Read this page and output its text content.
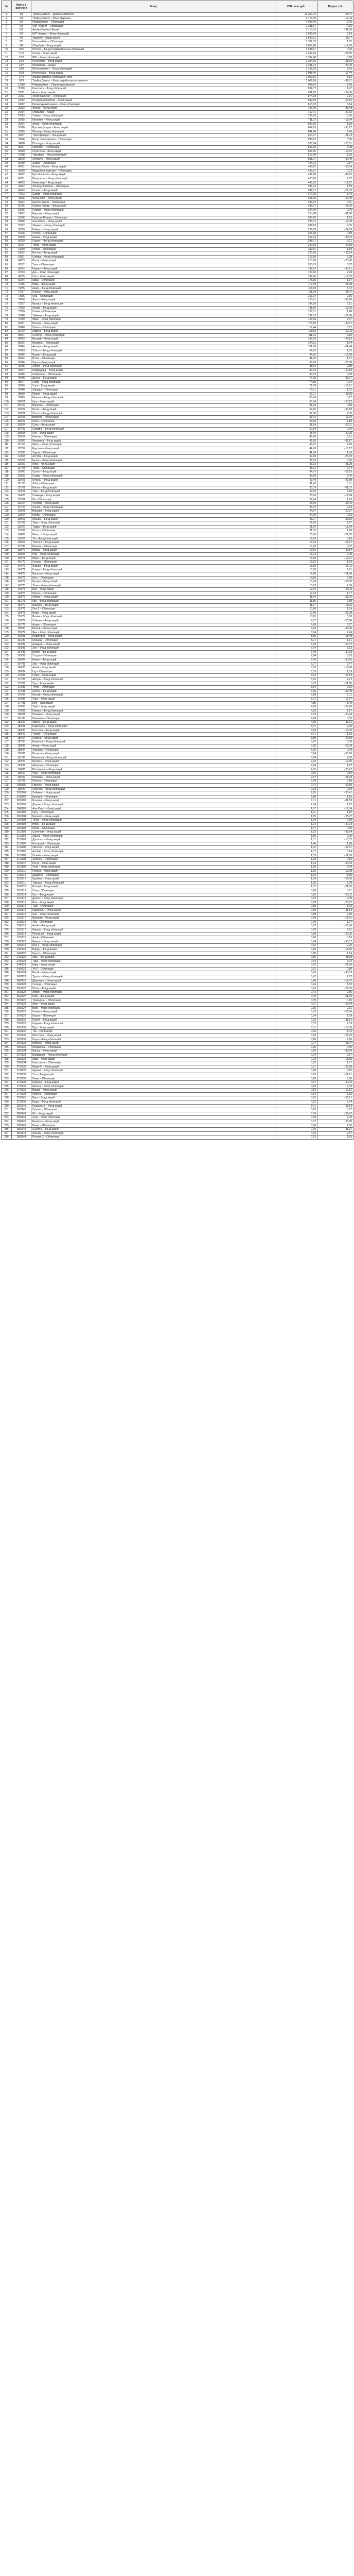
№	Место в рейтинге	Фонд	СЧА, млн руб.	Прирост, %
1	1/1	Тройка Диалог – Добрыня Никитич	12 254,73	−23,47
2	2/1	Тройка Диалог – Илья Муромец	9 715,39	−12,04
3	3/2	Райффайзен – Облигации	4 923,45	3,76
4	4/3	ОФГ Инвест – Облигации	2 381,57	−4,12
5	5/2	Альфа-Капитал Акции	2 118,02	−31,56
6	6/4	КИТ Фортис – Фонд облигаций	1 962,84	2,19
7	7/3	Уралсиб – Акции роста	1 840,61	−28,77
8	8/5	Газпромбанк – Облигации	1 702,33	1,05
9	9/4	Сбербанк – Фонд акций	1 655,90	−19,63
10	10/6	Регион – Фонд государственных облигаций	1 538,17	4,40
11	11/5	Солид – Фонд акций	1 407,26	−22,85
12	12/7	ВТБ – Фонд облигаций	1 352,48	0,88
13	13/6	Ренессанс – Фонд акций	1 284,05	−35,12
14	14/7	Промсвязь – Акции	1 201,73	−26,09
15	15/8	Металлинвест – Фонд облигаций	1 146,92	2,63
16	16/8	Ингосстрах – Фонд акций	1 098,40	−17,44
17	17/9	Альфа-Капитал Облигации Плюс	1 057,81	3,12
18	18/9	Тройка Диалог – Фонд акций второго эшелона	1 009,66	−39,71
19	19/10	Райффайзен – Сбалансированный	968,14	−9,58
20	20/10	Капиталъ – Фонд облигаций	932,77	1,47
21	21/11	Атон – Фонд акций	901,25	−24,30
22	22/11	Энергокапитал – Облигации	874,08	2,91
23	23/12	Интерфин Капитал – Фонд акций	842,59	−20,16
24	24/12	Брокеркредитсервис – Фонд облигаций	815,33	0,64
25	25/13	Финам – Фонд акций	787,90	−33,48
26	26/14	Открытие – Акции	762,41	−27,62
27	27/13	Универ – Фонд облигаций	738,05	3,35
28	28/15	Мономах – Фонд акций	711,72	−18,94
29	29/14	Агана – Фонд облигаций	689,36	1,82
30	30/16	Русские фонды – Фонд акций	664,19	−30,27
31	31/15	Пионер – Фонд облигаций	641,88	2,40
32	32/17	Трансфингруп – Фонд акций	620,47	−21,73
33	33/16	Велес Менеджмент – Облигации	598,12	0,95
34	34/18	Паллада – Фонд акций	577,64	−25,81
35	35/17	Проспект – Облигации	556,30	3,08
36	36/19	Стратегия – Фонд акций	537,95	−16,52
37	37/18	Тринфико – Фонд облигаций	519,48	1,26
38	38/20	Оптимум – Фонд акций	501,07	−29,40
39	39/19	Лидер – Облигации	484,73	2,57
40	40/21	Альянс Росно – Фонд акций	468,22	−23,04
41	41/20	Норд-Вест Капитал – Облигации	452,91	0,73
42	42/22	Русь-Капитал – Фонд акций	437,60	−32,15
43	43/21	Приоритет – Фонд облигаций	423,18	2,02
44	44/23	Навигатор – Фонд акций	409,55	−19,87
45	45/22	Эльбрус Капитал – Облигации	396,04	1,59
46	46/24	Гелиос – Фонд акций	382,71	−26,33
47	47/23	Солид – Фонд облигаций	370,29	3,44
48	48/25	Финансист – Фонд акций	358,06	−22,40
49	49/24	Центр-Инвест – Облигации	346,52	0,81
50	50/26	Северо-Запад – Фонд акций	335,17	−28,06
51	51/25	Первая – Фонд облигаций	324,40	2,76
52	52/27	Евразия – Фонд акций	313,88	−31,90
53	53/26	Капитал-Резерв – Облигации	303,65	1,13
54	54/28	Аналитика – Фонд акций	293,72	−17,28
55	55/27	Эверест – Фонд облигаций	284,19	2,35
56	56/29	Байкал – Фонд акций	274,83	−24,69
57	57/28	Статус – Облигации	265,90	0,58
58	58/30	Ермак – Фонд акций	257,24	−34,02
59	59/29	Гарант – Фонд облигаций	248,77	3,21
60	60/31	Титан – Фонд акций	240,63	−20,55
61	61/30	Опора – Облигации	232,81	1,69
62	62/32	Восток – Фонд акций	225,18	−27,14
63	63/31	Сибирь – Фонд облигаций	217,84	2,08
64	64/33	Волга – Фонд акций	210,70	−23,76
65	65/32	Урал – Облигации	203,79	0,92
66	66/34	Кавказ – Фонд акций	197,12	−30,61
67	67/33	Дон – Фонд облигаций	190,66	2,49
68	68/35	Ока – Фонд акций	184,40	−18,33
69	69/34	Кама – Облигации	178,35	1,37
70	70/36	Нева – Фонд акций	172,49	−25,98
71	71/35	Амур – Фонд облигаций	166,83	3,02
72	72/37	Енисей – Фонд акций	161,34	−21,47
73	73/36	Обь – Облигации	156,04	0,66
74	74/38	Лена – Фонд акций	150,91	−33,20
75	75/37	Иртыш – Фонд облигаций	145,95	2,21
76	76/39	Алтай – Фонд акций	141,15	−19,05
77	77/38	Саяны – Облигации	136,51	1,48
78	78/40	Таймыр – Фонд акций	132,03	−27,86
79	79/39	Ямал – Фонд облигаций	127,69	2,67
80	80/41	Печора – Фонд акций	123,50	−22,91
81	81/40	Онега – Облигации	119,44	0,77
82	82/42	Ладога – Фонд акций	115,52	−29,73
83	83/41	Селигер – Фонд облигаций	111,73	3,15
84	84/43	Валдай – Фонд акций	108,06	−24,12
85	85/42	Ильмень – Облигации	104,51	1,04
86	86/44	Ангара – Фонд акций	101,08	−31,44
87	87/43	Тобол – Фонд облигаций	97,76	2,53
88	88/45	Ишим – Фонд акций	94,55	−17,69
89	89/44	Вятка – Облигации	91,45	1,31
90	90/46	Сура – Фонд акций	88,45	−26,58
91	91/45	Хопёр – Фонд облигаций	85,54	2,89
92	92/47	Медведица – Фонд акций	82,73	−20,83
93	93/46	Северская – Облигации	80,02	0,49
94	94/48	Десна – Фонд акций	77,39	−35,07
95	95/47	Сейм – Фонд облигаций	74,85	2,14
96	96/49	Угра – Фонд акций	72,39	−18,61
97	97/48	Жиздра – Облигации	70,01	1,72
98	98/50	Проня – Фонд акций	67,71	−28,39
99	99/49	Мокша – Фонд облигаций	65,49	3,27
100	100/51	Цна – Фонд акций	63,34	−23,22
101	101/50	Воронеж – Облигации	61,26	0,85
102	102/52	Битюг – Фонд акций	59,25	−30,18
103	103/51	Оскол – Фонд облигаций	57,30	2,30
104	104/53	Ворскла – Фонд акций	55,42	−19,94
105	105/52	Псёл – Облигации	53,60	1,58
106	106/54	Сула – Фонд акций	51,84	−27,31
107	107/53	Самара – Фонд облигаций	50,14	2,76
108	108/55	Сок – Фонд акций	48,49	−22,05
109	109/54	Кинель – Облигации	46,90	0,61
110	110/56	Чапаевка – Фонд акций	45,36	−32,87
111	111/55	Иргиз – Фонд облигаций	43,87	2,18
112	112/57	Еруслан – Фонд акций	42,43	−18,12
113	113/56	Торгун – Облигации	41,04	1,43
114	114/58	Ахтуба – Фонд акций	39,69	−26,70
115	115/57	Бузан – Фонд облигаций	38,39	3,06
116	116/59	Кума – Фонд акций	37,13	−21,29
117	117/58	Терек – Облигации	35,91	0,74
118	118/60	Сулак – Фонд акций	34,73	−29,15
119	119/59	Самур – Фонд облигаций	33,59	2,42
120	120/61	Кубань – Фонд акций	32,49	−23,58
121	121/60	Лаба – Облигации	31,42	1,11
122	122/62	Белая – Фонд акций	30,39	−31,02
123	123/61	Уфа – Фонд облигаций	29,39	2,60
124	124/63	Сакмара – Фонд акций	28,43	−17,84
125	125/62	Ик – Облигации	27,49	1,29
126	126/64	Чусовая – Фонд акций	26,59	−25,46
127	127/63	Сылва – Фонд облигаций	25,72	2,94
128	128/65	Вишера – Фонд акций	24,87	−20,37
129	129/64	Колва – Облигации	24,06	0,53
130	130/66	Косьва – Фонд акций	23,27	−33,66
131	131/65	Тура – Фонд облигаций	22,50	2,27
132	132/67	Тавда – Фонд акций	21,76	−18,79
133	133/66	Исеть – Облигации	21,05	1,66
134	134/68	Миасс – Фонд акций	20,36	−27,93
135	135/67	Уй – Фонд облигаций	19,69	3,18
136	136/69	Тобол-2 – Фонд акций	19,04	−22,67
137	137/68	Пышма – Облигации	18,42	0,97
138	138/70	Нейва – Фонд акций	17,81	−30,54
139	139/69	Реж – Фонд облигаций	17,23	2,45
140	140/71	Ница – Фонд акций	16,66	−19,21
141	141/70	Сосьва – Облигации	16,12	1,53
142	142/72	Лозьва – Фонд акций	15,59	−26,11
143	143/71	Конда – Фонд облигаций	15,08	2,81
144	144/73	Васюган – Фонд акций	14,58	−21,84
145	145/72	Кеть – Облигации	14,10	0,69
146	146/74	Чулым – Фонд акций	13,64	−29,58
147	147/73	Томь – Фонд облигаций	13,19	2,36
148	148/75	Бия – Фонд акций	12,76	−23,93
149	149/74	Катунь – Облигации	12,34	1,07
150	150/76	Абакан – Фонд акций	11,94	−31,76
151	151/75	Кан – Фонд облигаций	11,55	2,58
152	152/77	Бирюса – Фонд акций	11,17	−18,26
153	153/76	Ока-2 – Облигации	10,80	1,34
154	154/78	Илим – Фонд акций	10,45	−25,39
155	155/77	Витим – Фонд облигаций	10,10	3,00
156	156/79	Олёкма – Фонд акций	9,77	−20,98
157	157/78	Алдан – Облигации	9,45	0,57
158	158/80	Вилюй – Фонд акций	9,14	−34,40
159	159/79	Яна – Фонд облигаций	8,84	2,24
160	160/81	Индигирка – Фонд акций	8,55	−18,48
161	161/80	Колыма – Облигации	8,27	1,61
162	162/82	Анадырь – Фонд акций	8,00	−27,72
163	163/81	Зея – Фонд облигаций	7,74	3,12
164	164/83	Бурея – Фонд акций	7,48	−22,33
165	165/82	Уссури – Облигации	7,24	0,83
166	166/84	Бикин – Фонд акций	7,00	−30,25
167	167/83	Хор – Фонд облигаций	6,77	2,47
168	168/85	Анюй – Фонд акций	6,55	−19,66
169	169/84	Гур – Облигации	6,33	1,39
170	170/86	Горин – Фонд акций	6,12	−26,84
171	171/85	Амгунь – Фонд облигаций	5,92	2,72
172	172/87	Уда – Фонд акций	5,73	−21,60
173	173/86	Тугур – Облигации	5,54	0,62
174	174/88	Охота – Фонд акций	5,36	−32,49
175	175/87	Кухтуй – Фонд облигаций	5,18	2,11
176	176/89	Улья – Фонд акций	5,01	−17,97
177	177/88	Иня – Облигации	4,85	1,46
178	178/90	Тауй – Фонд акций	4,69	−25,83
179	179/89	Гижига – Фонд облигаций	4,53	2,97
180	180/91	Пенжина – Фонд акций	4,39	−20,44
181	181/90	Камчатка – Облигации	4,24	0,55
182	182/92	Авача – Фонд акций	4,10	−33,31
183	183/91	Паратунка – Фонд облигаций	3,97	2,29
184	184/93	Быстрая – Фонд акций	3,84	−18,70
185	185/92	Тигиль – Облигации	3,71	1,63
186	186/94	Палана – Фонд акций	3,59	−27,50
187	187/93	Вывенка – Фонд облигаций	3,47	3,09
188	188/95	Апука – Фонд акций	3,36	−22,78
189	189/94	Хатырка – Облигации	3,25	0,79
190	190/96	Великая – Фонд акций	3,14	−30,66
191	191/95	Канчалан – Фонд облигаций	3,04	2,50
192	192/97	Белая-2 – Фонд акций	2,94	−19,35
193	193/96	Амгуэма – Облигации	2,84	1,22
194	194/98	Пегтымель – Фонд акций	2,75	−26,97
195	195/97	Чаун – Фонд облигаций	2,66	2,84
196	196/99	Палявам – Фонд акций	2,57	−21,18
197	197/98	Раучуа – Облигации	2,49	0,68
198	198/100	Омолон – Фонд акций	2,41	−29,89
199	199/99	Ясачная – Фонд облигаций	2,33	2,33
200	200/101	Сеймчан – Фонд акций	2,25	−23,41
201	201/100	Буюнда – Облигации	2,18	1,16
202	202/102	Бахапча – Фонд акций	2,11	−31,59
203	203/101	Детрин – Фонд облигаций	2,04	2,62
204	204/103	Аян-Юрях – Фонд акций	1,97	−18,04
205	205/102	Кулу – Облигации	1,91	1,50
206	206/104	Берелёх – Фонд акций	1,85	−25,27
207	207/103	Тенке – Фонд облигаций	1,79	2,99
208	208/105	Нера – Фонд акций	1,73	−20,73
209	209/104	Момa – Облигации	1,67	0,59
210	210/106	Селеннях – Фонд акций	1,62	−33,84
211	211/105	Адыча – Фонд облигаций	1,56	2,26
212	212/107	Дулгалах – Фонд акций	1,51	−18,57
213	213/106	Бытантай – Облигации	1,46	1,68
214	214/108	Омолой – Фонд акций	1,42	−27,61
215	215/107	Анабар – Фонд облигаций	1,37	3,14
216	216/109	Оленёк – Фонд акций	1,33	−22,50
217	217/108	Хатанга – Облигации	1,28	0,82
218	218/110	Котуй – Фонд акций	1,24	−30,43
219	219/109	Хета – Фонд облигаций	1,20	2,44
220	220/111	Пясина – Фонд акций	1,16	−19,08
221	221/110	Дудыпта – Облигации	1,12	1,35
222	222/112	Курейка – Фонд акций	1,09	−26,45
223	223/111	Турухан – Фонд облигаций	1,05	2,78
224	224/113	Елогуй – Фонд акций	1,02	−21,95
225	225/112	Сым – Облигации	0,98	0,71
226	226/114	Кас – Фонд акций	0,95	−29,32
227	227/113	Дубчес – Фонд облигаций	0,92	2,39
228	228/115	Вах – Фонд акций	0,89	−23,67
229	229/114	Тым – Облигации	0,86	1,02
230	230/116	Парабель – Фонд акций	0,83	−31,13
231	231/115	Чая – Фонд облигаций	0,80	2,55
232	232/117	Шегарка – Фонд акций	0,78	−17,91
233	233/116	Уба – Облигации	0,75	1,27
234	234/118	Алей – Фонд акций	0,73	−25,70
235	235/117	Чарыш – Фонд облигаций	0,70	2,91
236	236/119	Песчаная – Фонд акций	0,68	−20,29
237	237/118	Ануй – Облигации	0,66	0,56
238	238/120	Чумыш – Фонд акций	0,64	−33,57
239	239/119	Иня-2 – Фонд облигаций	0,62	2,20
240	240/121	Бердь – Фонд акций	0,60	−18,82
241	241/120	Каргат – Облигации	0,58	1,64
242	242/122	Омь – Фонд акций	0,56	−28,18
243	243/121	Тара – Фонд облигаций	0,54	3,04
244	244/123	Шиш – Фонд акций	0,52	−22,59
245	245/122	Уй-2 – Облигации	0,51	0,86
246	246/124	Вагай – Фонд акций	0,49	−30,79
247	247/123	Туртас – Фонд облигаций	0,47	2,52
248	248/125	Демьянка – Фонд акций	0,46	−19,47
249	249/124	Салым – Облигации	0,44	1,19
250	250/126	Юган – Фонд акций	0,43	−27,05
251	251/125	Лямин – Фонд облигаций	0,41	2,86
252	252/127	Пим – Фонд акций	0,40	−21,36
253	253/126	Тромъёган – Облигации	0,39	0,65
254	254/128	Аган – Фонд акций	0,37	−29,64
255	255/127	Вата – Фонд облигаций	0,36	2,31
256	256/129	Назым – Фонд акций	0,35	−23,86
257	257/128	Казым – Облигации	0,34	1,09
258	258/130	Полуй – Фонд акций	0,33	−31,81
259	259/129	Надым – Фонд облигаций	0,32	2,59
260	260/131	Пур – Фонд акций	0,31	−18,39
261	261/130	Таз – Облигации	0,30	1,42
262	262/132	Мессояха – Фонд акций	0,29	−26,23
263	263/131	Гыда – Фонд облигаций	0,28	2,80
264	264/133	Юрибей – Фонд акций	0,27	−21,07
265	265/132	Мордыяха – Облигации	0,26	0,50
266	266/134	Щучья – Фонд акций	0,25	−32,96
267	267/133	Байдарата – Фонд облигаций	0,24	2,17
268	268/135	Кара – Фонд акций	0,23	−18,15
269	269/134	Коротаиха – Облигации	0,22	1,57
270	270/136	Море-Ю – Фонд акций	0,21	−27,28
271	271/135	Адзьва – Фонд облигаций	0,20	3,10
272	272/137	Уса – Фонд акций	0,19	−22,21
273	273/136	Ижма – Облигации	0,18	0,80
274	274/138	Цильма – Фонд акций	0,17	−30,02
275	275/137	Мезень – Фонд облигаций	0,16	2,43
276	276/139	Вашка – Фонд акций	0,15	−19,12
277	277/138	Пинега – Облигации	0,14	1,32
278	278/140	Вага – Фонд акций	0,13	−26,61
279	279/139	Емца – Фонд облигаций	0,12	2,74
280	280/141	Кокшеньга – Фонд акций	0,11	−21,53
281	281/140	Сухона – Облигации	0,10	0,67
282	282/142	Юг – Фонд акций	0,09	−29,47
283	283/141	Луза – Фонд облигаций	0,08	2,34
284	284/143	Вычегда – Фонд акций	0,07	−23,99
285	285/142	Вымь – Облигации	0,06	1,06
286	286/144	Сысола – Фонд акций	0,05	−31,37
287	287/143	Локчим – Фонд облигаций	0,04	2,57
288	288/144	Печора-2 – Облигации	0,03	1,25
